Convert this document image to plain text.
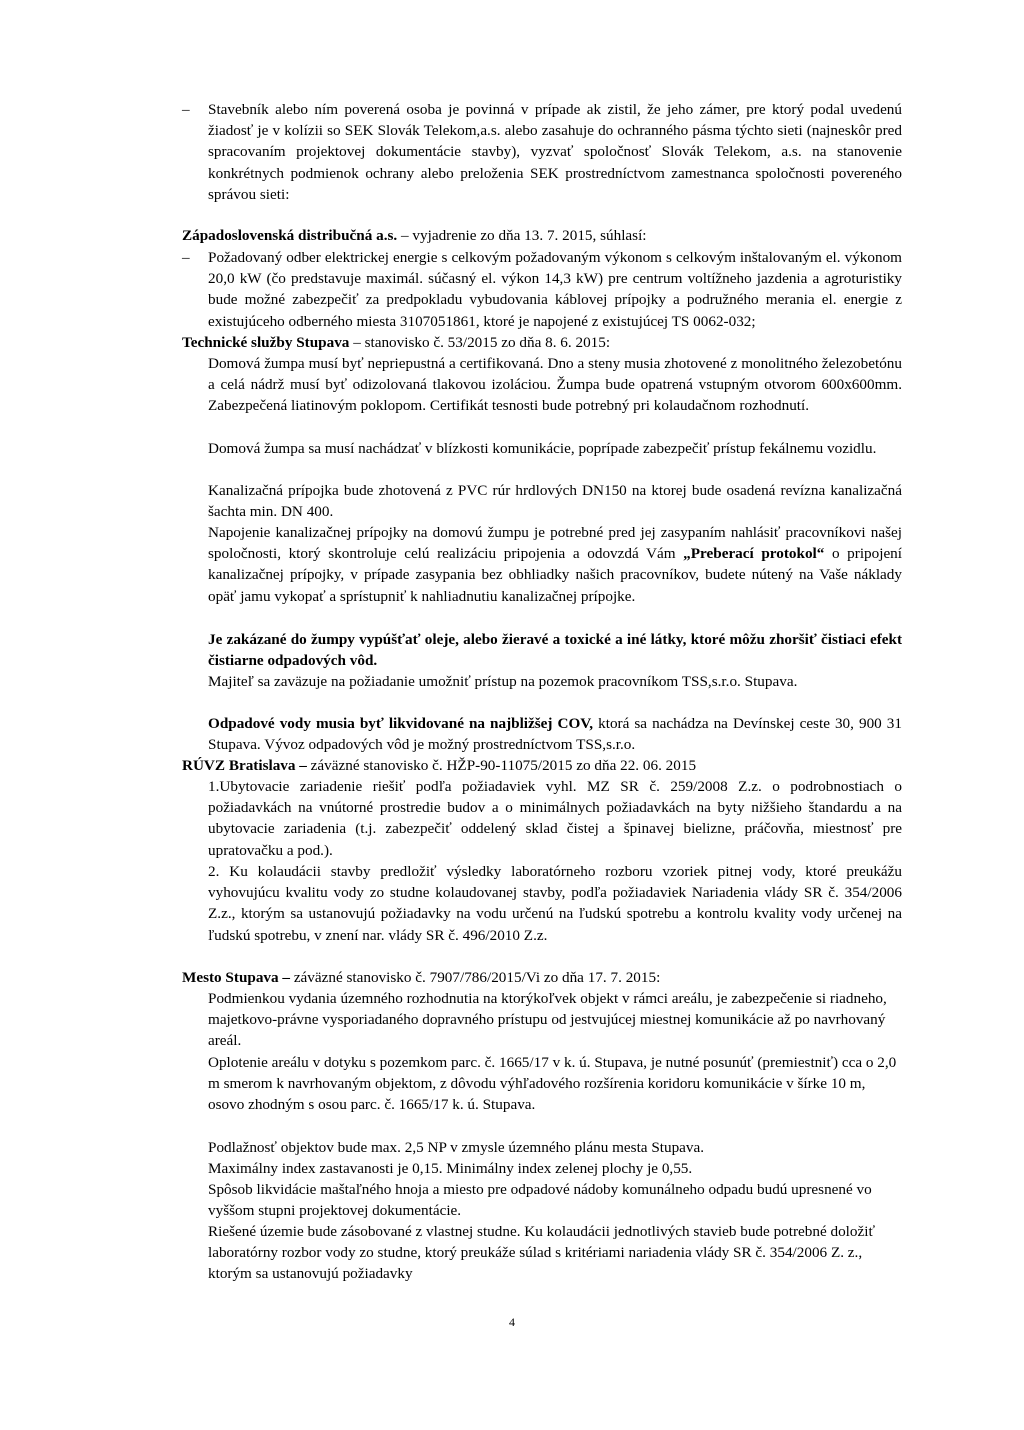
– Stavebník alebo ním poverená osoba je povinná v prípade ak zistil, že jeho zámer, pre ktorý podal uvedenú žiadosť je v kolízii so SEK Slovák Telekom,a.s. alebo zasahuje do ochranného pásma týchto sieti (najneskôr pred spracovaním projektovej dokumentácie stavby), vyzvať spoločnosť Slovák Telekom, a.s. na stanovenie konkrétnych podmienok ochrany alebo preloženia SEK prostredníctvom zamestnanca spoločnosti povereného správou sieti:

Západoslovenská distribučná a.s. – vyjadrenie zo dňa 13. 7. 2015, súhlasí:

– Požadovaný odber elektrickej energie s celkovým požadovaným výkonom s celkovým inštalovaným el. výkonom 20,0 kW (čo predstavuje maximál. súčasný el. výkon 14,3 kW) pre centrum voltížneho jazdenia a agroturistiky bude možné zabezpečiť za predpokladu vybudovania káblovej prípojky a podružného merania el. energie z existujúceho odberného miesta 3107051861, ktoré je napojené z existujúcej TS 0062-032;

Technické služby Stupava – stanovisko č. 53/2015 zo dňa 8. 6. 2015:

Domová žumpa musí byť nepriepustná a certifikovaná. Dno a steny musia zhotovené z monolitného železobetónu a celá nádrž musí byť odizolovaná tlakovou izoláciou. Žumpa bude opatrená vstupným otvorom 600x600mm. Zabezpečená liatinovým poklopom. Certifikát tesnosti bude potrebný pri kolaudačnom rozhodnutí.

Domová žumpa sa musí nachádzať v blízkosti komunikácie, poprípade zabezpečiť prístup fekálnemu vozidlu.

Kanalizačná prípojka bude zhotovená z PVC rúr hrdlových DN150 na ktorej bude osadená revízna kanalizačná šachta min. DN 400.

Napojenie kanalizačnej prípojky na domovú žumpu je potrebné pred jej zasypaním nahlásiť pracovníkovi našej spoločnosti, ktorý skontroluje celú realizáciu pripojenia a odovzdá Vám „Preberací protokol“ o pripojení kanalizačnej prípojky, v prípade zasypania bez obhliadky našich pracovníkov, budete nútený na Vaše náklady opäť jamu vykopať a sprístupniť k nahliadnutiu kanalizačnej prípojke.

Je zakázané do žumpy vypúšťať oleje, alebo žieravé a toxické a iné látky, ktoré môžu zhoršiť čistiaci efekt čistiarne odpadových vôd.

Majiteľ sa zaväzuje na požiadanie umožniť prístup na pozemok pracovníkom TSS,s.r.o. Stupava.

Odpadové vody musia byť likvidované na najbližšej COV, ktorá sa nachádza na Devínskej ceste 30, 900 31 Stupava. Vývoz odpadových vôd je možný prostredníctvom TSS,s.r.o.

RÚVZ Bratislava – záväzné stanovisko č. HŽP-90-11075/2015 zo dňa 22. 06. 2015

1.Ubytovacie zariadenie riešiť podľa požiadaviek vyhl. MZ SR č. 259/2008 Z.z. o podrobnostiach o požiadavkách na vnútorné prostredie budov a o minimálnych požiadavkách na byty nižšieho štandardu a na ubytovacie zariadenia (t.j. zabezpečiť oddelený sklad čistej a špinavej bielizne, práčovňa, miestnosť pre upratovačku a pod.).

2. Ku kolaudácii stavby predložiť výsledky laboratórneho rozboru vzoriek pitnej vody, ktoré preukážu vyhovujúcu kvalitu vody zo studne kolaudovanej stavby, podľa požiadaviek Nariadenia vlády SR č. 354/2006 Z.z., ktorým sa ustanovujú požiadavky na vodu určenú na ľudskú spotrebu a kontrolu kvality vody určenej na ľudskú spotrebu, v znení nar. vlády SR č. 496/2010 Z.z.

Mesto Stupava – záväzné stanovisko č. 7907/786/2015/Vi zo dňa 17. 7. 2015:

Podmienkou vydania územného rozhodnutia na ktorýkoľvek objekt v rámci areálu, je zabezpečenie si riadneho, majetkovo-právne vysporiadaného dopravného prístupu od jestvujúcej miestnej komunikácie až po navrhovaný areál.

Oplotenie areálu v dotyku s pozemkom parc. č. 1665/17 v k. ú. Stupava, je nutné posunúť (premiestniť) cca o 2,0 m smerom k navrhovaným objektom, z dôvodu výhľadového rozšírenia koridoru komunikácie v šírke 10 m, osovo zhodným s osou parc. č. 1665/17 k. ú. Stupava.

Podlažnosť objektov bude max. 2,5 NP v zmysle územného plánu mesta Stupava.

Maximálny index zastavanosti je 0,15. Minimálny index zelenej plochy je 0,55.

Spôsob likvidácie maštaľného hnoja a miesto pre odpadové nádoby komunálneho odpadu budú upresnené vo vyššom stupni projektovej dokumentácie.

Riešené územie bude zásobované z vlastnej studne. Ku kolaudácii jednotlivých stavieb bude potrebné doložiť laboratórny rozbor vody zo studne, ktorý preukáže súlad s kritériami nariadenia vlády SR č. 354/2006 Z. z., ktorým sa ustanovujú požiadavky

4
